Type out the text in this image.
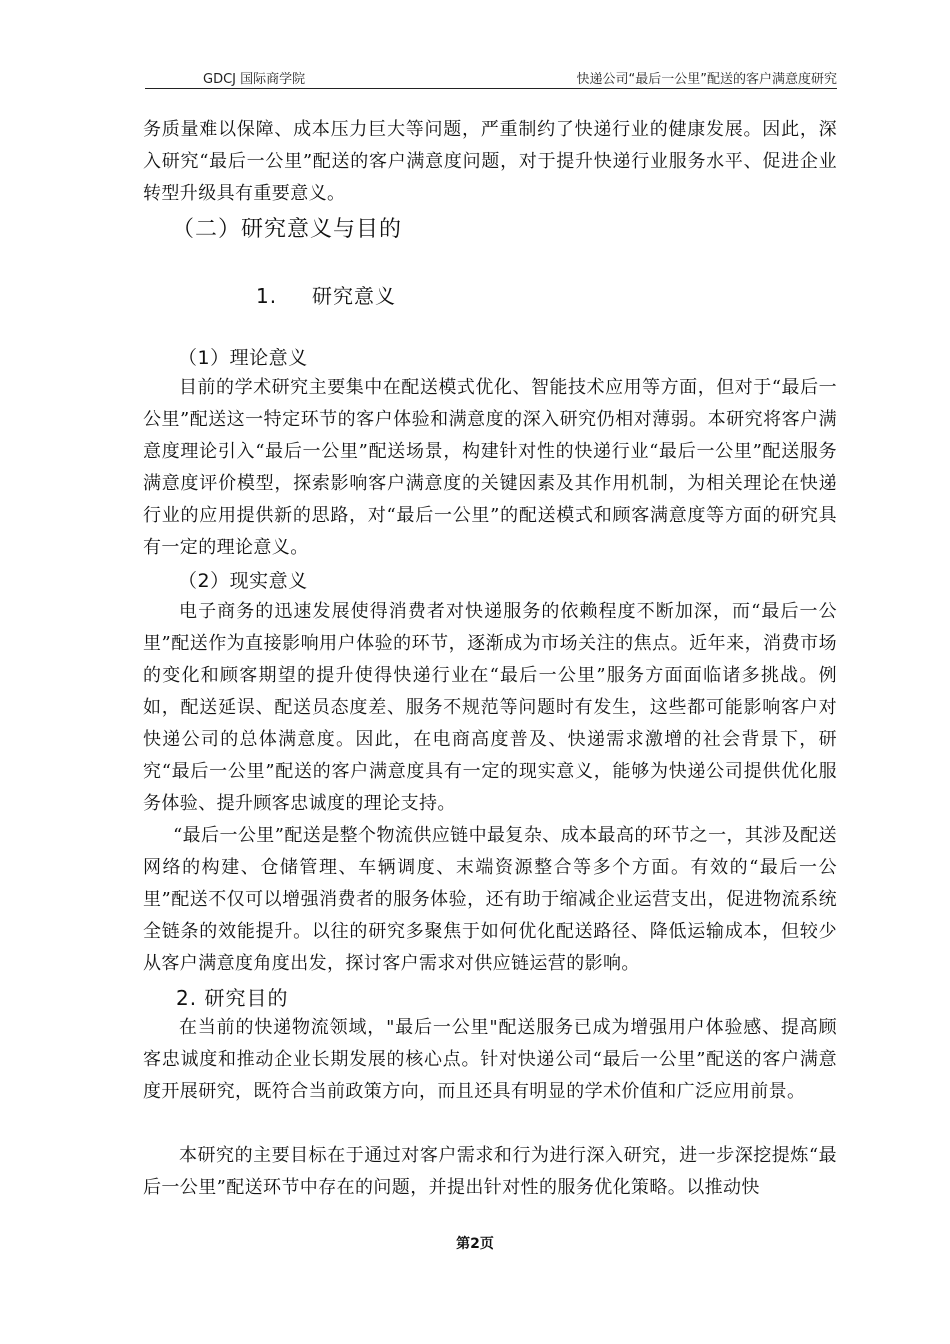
GDCJ 国际商学院	快递公司“最后一公里”配送的客户满意度研究

务质量难以保障、成本压力巨大等问题，严重制约了快递行业的健康发展。因此，深入研究“最后一公里”配送的客户满意度问题，对于提升快递行业服务水平、促进企业转型升级具有重要意义。

（二）研究意义与目的
1. 研究意义
（1）理论意义

目前的学术研究主要集中在配送模式优化、智能技术应用等方面，但对于“最后一公里”配送这一特定环节的客户体验和满意度的深入研究仍相对薄弱。本研究将客户满意度理论引入“最后一公里”配送场景，构建针对性的快递行业“最后一公里”配送服务满意度评价模型，探索影响客户满意度的关键因素及其作用机制，为相关理论在快递行业的应用提供新的思路，对“最后一公里”的配送模式和顾客满意度等方面的研究具有一定的理论意义。

（2）现实意义

电子商务的迅速发展使得消费者对快递服务的依赖程度不断加深，而“最后一公里”配送作为直接影响用户体验的环节，逐渐成为市场关注的焦点。近年来，消费市场的变化和顾客期望的提升使得快递行业在“最后一公里”服务方面面临诸多挑战。例如，配送延误、配送员态度差、服务不规范等问题时有发生，这些都可能影响客户对快递公司的总体满意度。因此，在电商高度普及、快递需求激增的社会背景下，研究“最后一公里”配送的客户满意度具有一定的现实意义，能够为快递公司提供优化服务体验、提升顾客忠诚度的理论支持。

“最后一公里”配送是整个物流供应链中最复杂、成本最高的环节之一，其涉及配送网络的构建、仓储管理、车辆调度、末端资源整合等多个方面。有效的“最后一公里”配送不仅可以增强消费者的服务体验，还有助于缩减企业运营支出，促进物流系统全链条的效能提升。以往的研究多聚焦于如何优化配送路径、降低运输成本，但较少从客户满意度角度出发，探讨客户需求对供应链运营的影响。

2. 研究目的

在当前的快递物流领域，"最后一公里"配送服务已成为增强用户体验感、提高顾客忠诚度和推动企业长期发展的核心点。针对快递公司“最后一公里”配送的客户满意度开展研究，既符合当前政策方向，而且还具有明显的学术价值和广泛应用前景。

本研究的主要目标在于通过对客户需求和行为进行深入研究，进一步深挖提炼“最后一公里”配送环节中存在的问题，并提出针对性的服务优化策略。以推动快

第2页
